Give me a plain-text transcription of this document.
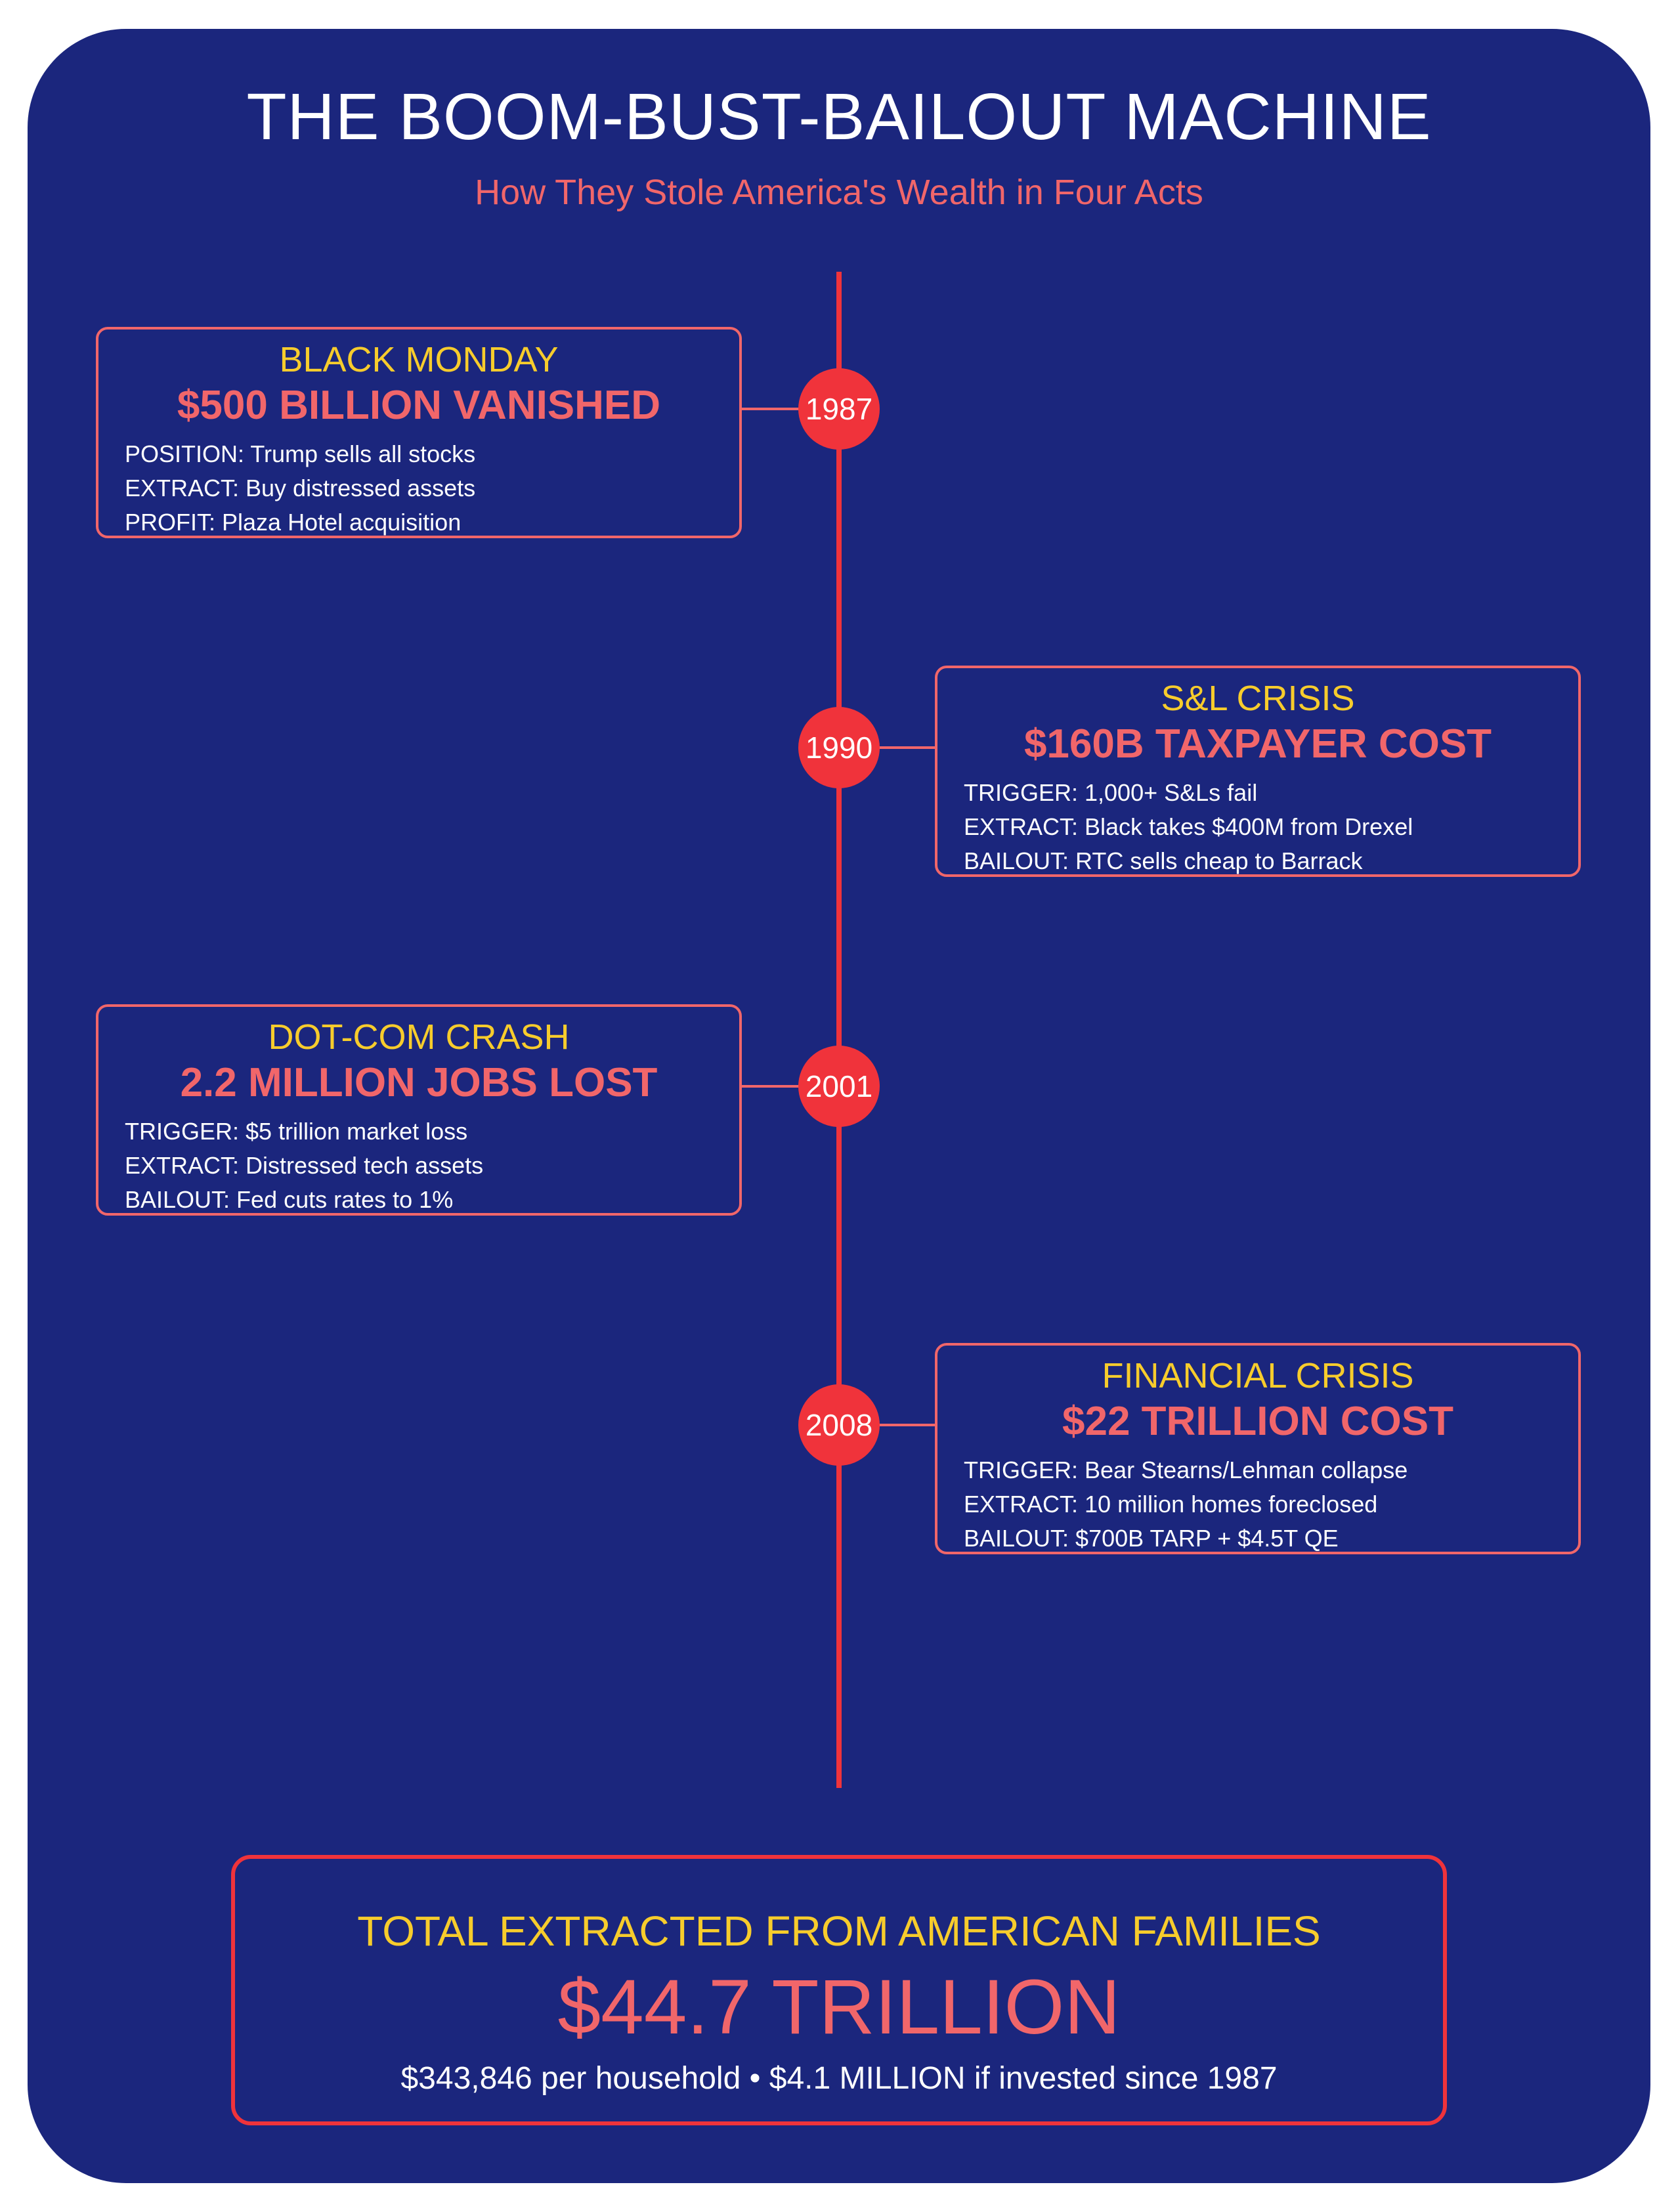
THE BOOM-BUST-BAILOUT MACHINE
How They Stole America's Wealth in Four Acts
BLACK MONDAY
$500 BILLION VANISHED
POSITION: Trump sells all stocks
EXTRACT: Buy distressed assets
PROFIT: Plaza Hotel acquisition
1987
S&L CRISIS
$160B TAXPAYER COST
TRIGGER: 1,000+ S&Ls fail
EXTRACT: Black takes $400M from Drexel
BAILOUT: RTC sells cheap to Barrack
1990
DOT-COM CRASH
2.2 MILLION JOBS LOST
TRIGGER: $5 trillion market loss
EXTRACT: Distressed tech assets
BAILOUT: Fed cuts rates to 1%
2001
FINANCIAL CRISIS
$22 TRILLION COST
TRIGGER: Bear Stearns/Lehman collapse
EXTRACT: 10 million homes foreclosed
BAILOUT: $700B TARP + $4.5T QE
2008
TOTAL EXTRACTED FROM AMERICAN FAMILIES
$44.7 TRILLION
$343,846 per household • $4.1 MILLION if invested since 1987
